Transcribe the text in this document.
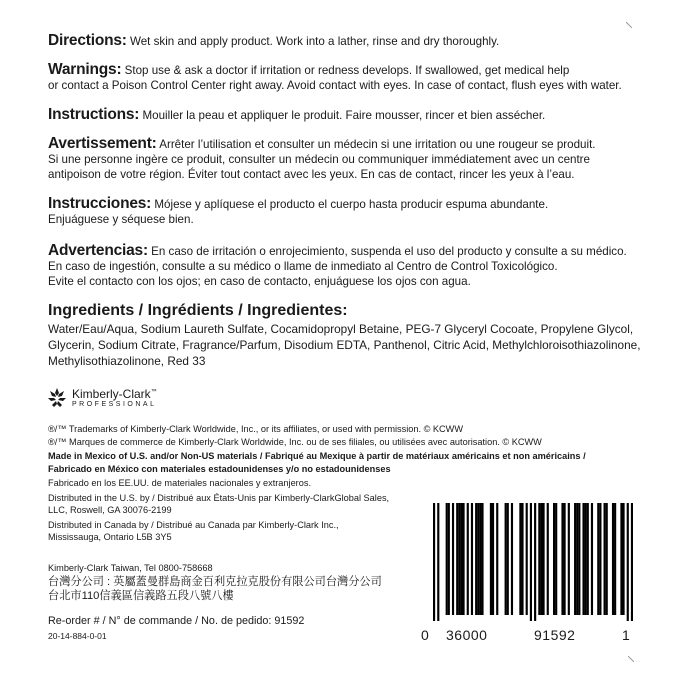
Directions: Wet skin and apply product. Work into a lather, rinse and dry thoroughly.

Warnings: Stop use & ask a doctor if irritation or redness develops. If swallowed, get medical help

or contact a Poison Control Center right away. Avoid contact with eyes. In case of contact, flush eyes with water.

Instructions: Mouiller la peau et appliquer le produit. Faire mousser, rincer et bien assécher.

Avertissement: Arrêter l’utilisation et consulter un médecin si une irritation ou une rougeur se produit.

Si une personne ingère ce produit, consulter un médecin ou communiquer immédiatement avec un centre

antipoison de votre région. Éviter tout contact avec les yeux. En cas de contact, rincer les yeux à l’eau.

Instrucciones: Mójese y aplíquese el producto el cuerpo hasta producir espuma abundante.

Enjuáguese y séquese bien.

Advertencias: En caso de irritación o enrojecimiento, suspenda el uso del producto y consulte a su médico.

En caso de ingestión, consulte a su médico o llame de inmediato al Centro de Control Toxicológico.

Evite el contacto con los ojos; en caso de contacto, enjuáguese los ojos con agua.

Ingredients / Ingrédients / Ingredientes:

Water/Eau/Aqua, Sodium Laureth Sulfate, Cocamidopropyl Betaine, PEG-7 Glyceryl Cocoate, Propylene Glycol,

Glycerin, Sodium Citrate, Fragrance/Parfum, Disodium EDTA, Panthenol, Citric Acid, Methylchloroisothiazolinone,

Methylisothiazolinone, Red 33

Kimberly-Clark™
PROFESSIONAL
®/™ Trademarks of Kimberly-Clark Worldwide, Inc., or its affiliates, or used with permission. © KCWW
®/™ Marques de commerce de Kimberly-Clark Worldwide, Inc. ou de ses filiales, ou utilisées avec autorisation. © KCWW
Made in Mexico of U.S. and/or Non-US materials / Fabriqué au Mexique à partir de matériaux américains et non américains /
Fabricado en México con materiales estadounidenses y/o no estadounidenses
Fabricado en los EE.UU. de materiales nacionales y extranjeros.
Distributed in the U.S. by / Distribué aux États-Unis par Kimberly-ClarkGlobal Sales,
LLC, Roswell, GA 30076-2199
Distributed in Canada by / Distribué au Canada par Kimberly-Clark Inc.,
Mississauga, Ontario L5B 3Y5
Kimberly-Clark Taiwan, Tel 0800-758668
台灣分公司 : 英屬蓋曼群島商金百利克拉克股份有限公司台灣分公司
台北市110信義區信義路五段八號八樓
Re-order # / N° de commande / No. de pedido: 91592
20-14-884-0-01	0 36000	91592	1
